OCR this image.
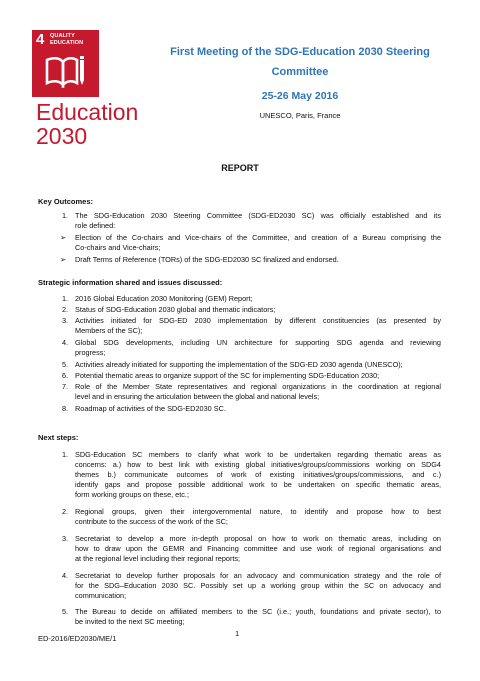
4 QUALITY
EDUCATION
Education
2030
First Meeting of the SDG-Education 2030 Steering
Committee
25-26 May 2016
UNESCO, Paris, France
REPORT
Key Outcomes:
1. The SDG-Education 2030 Steering Committee (SDG-ED2030 SC) was officially established and its
role defined:
➢ Election of the Co-chairs and Vice-chairs of the Committee, and creation of a Bureau comprising the
Co-chairs and Vice-chairs;
➢ Draft Terms of Reference (TORs) of the SDG-ED2030 SC finalized and endorsed.
Strategic information shared and issues discussed:
1. 2016 Global Education 2030 Monitoring (GEM) Report;
2. Status of SDG-Education 2030 global and thematic indicators;
3. Activities initiated for SDG-ED 2030 implementation by different constituencies (as presented by
Members of the SC);
4. Global SDG developments, including UN architecture for supporting SDG agenda and reviewing
progress;
5. Activities already initiated for supporting the implementation of the SDG-ED 2030 agenda (UNESCO);
6. Potential thematic areas to organize support of the SC for implementing SDG-Education 2030;
7. Role of the Member State representatives and regional organizations in the coordination at regional
level and in ensuring the articulation between the global and national levels;
8. Roadmap of activities of the SDG-ED2030 SC.
Next steps:
1. SDG-Education SC members to clarify what work to be undertaken regarding thematic areas as
concerns: a.) how to best link with existing global initiatives/groups/commissions working on SDG4
themes b.) communicate outcomes of work of existing initiatives/groups/commissions, and c.)
identify gaps and propose possible additional work to be undertaken on specific thematic areas,
form working groups on these, etc.;
2. Regional groups, given their intergovernmental nature, to identify and propose how to best
contribute to the success of the work of the SC;
3. Secretariat to develop a more in-depth proposal on how to work on thematic areas, including on
how to draw upon the GEMR and Financing committee and use work of regional organisations and
at the regional level including their regional reports;
4. Secretariat to develop further proposals for an advocacy and communication strategy and the role of
for the SDG–Education 2030 SC. Possibly set up a working group within the SC on advocacy and
communication;
5. The Bureau to decide on affiliated members to the SC (i.e.; youth, foundations and private sector), to
be invited to the next SC meeting;
1
ED-2016/ED2030/ME/1
